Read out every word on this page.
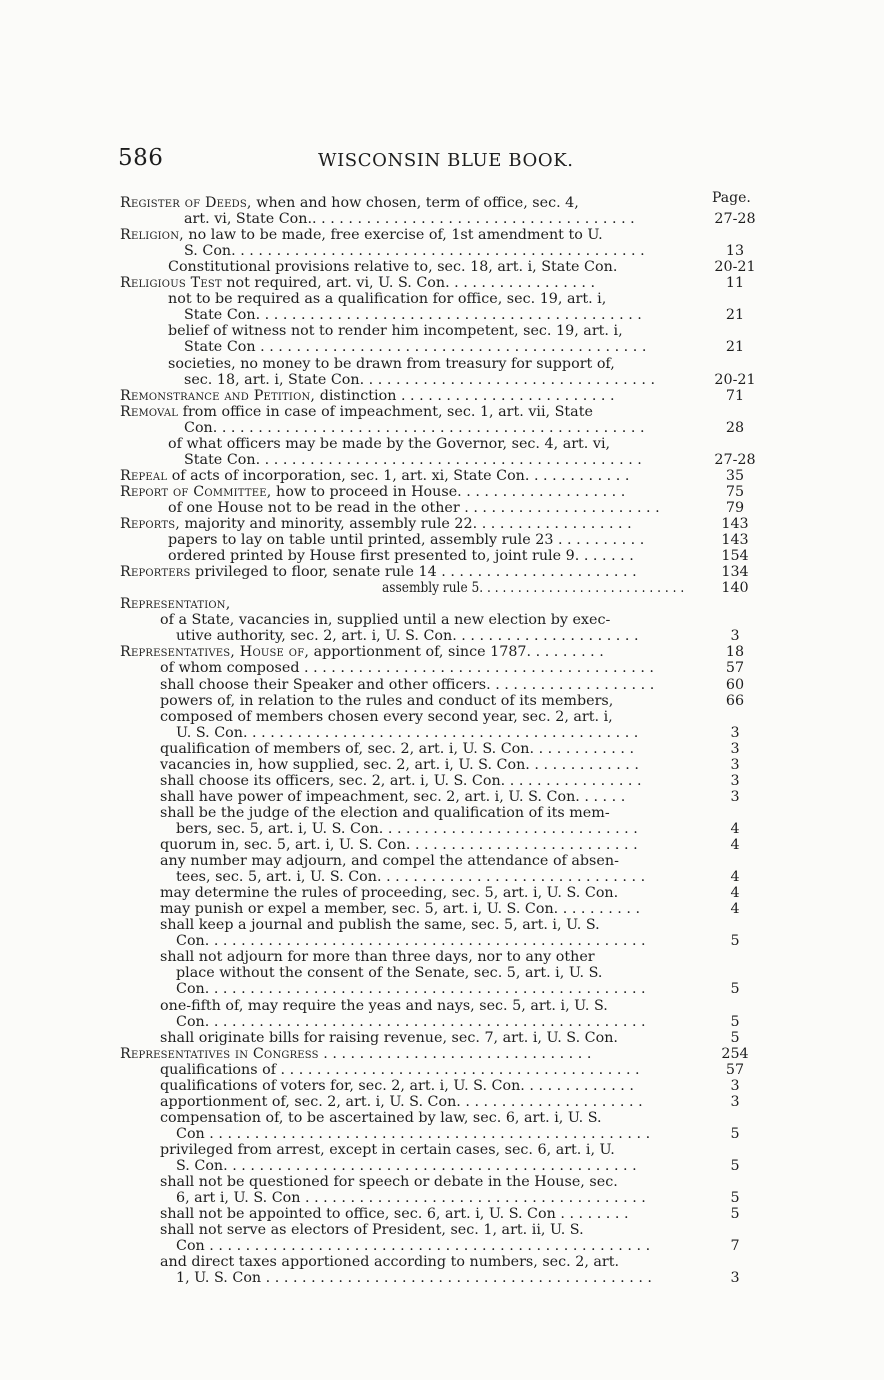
586	WISCONSIN BLUE BOOK.
Page.
Register of Deeds, when and how chosen, term of office, sec. 4,
art. vi, State Con.. . . . . . . . . . . . . . . . . . . . . . . . . . . . . . . . . . . .	27-28
Religion, no law to be made, free exercise of, 1st amendment to U.
S. Con. . . . . . . . . . . . . . . . . . . . . . . . . . . . . . . . . . . . . . . . . . . . . .	13
Constitutional provisions relative to, sec. 18, art. i, State Con.	20-21
Religious Test not required, art. vi, U. S. Con. . . . . . . . . . . . . . . . .	11
not to be required as a qualification for office, sec. 19, art. i,
State Con. . . . . . . . . . . . . . . . . . . . . . . . . . . . . . . . . . . . . . . . . . .	21
belief of witness not to render him incompetent, sec. 19, art. i,
State Con . . . . . . . . . . . . . . . . . . . . . . . . . . . . . . . . . . . . . . . . . . .	21
societies, no money to be drawn from treasury for support of,
sec. 18, art. i, State Con. . . . . . . . . . . . . . . . . . . . . . . . . . . . . . . . .	20-21
Remonstrance and Petition, distinction . . . . . . . . . . . . . . . . . . . . . . . .	71
Removal from office in case of impeachment, sec. 1, art. vii, State
Con. . . . . . . . . . . . . . . . . . . . . . . . . . . . . . . . . . . . . . . . . . . . . . . .	28
of what officers may be made by the Governor, sec. 4, art. vi,
State Con. . . . . . . . . . . . . . . . . . . . . . . . . . . . . . . . . . . . . . . . . . .	27-28
Repeal of acts of incorporation, sec. 1, art. xi, State Con. . . . . . . . . . . .	35
Report of Committee, how to proceed in House. . . . . . . . . . . . . . . . . . .	75
of one House not to be read in the other . . . . . . . . . . . . . . . . . . . . . .	79
Reports, majority and minority, assembly rule 22. . . . . . . . . . . . . . . . . .	143
papers to lay on table until printed, assembly rule 23 . . . . . . . . . .	143
ordered printed by House first presented to, joint rule 9. . . . . . .	154
Reporters privileged to floor, senate rule 14 . . . . . . . . . . . . . . . . . . . . . .	134
assembly rule 5. . . . . . . . . . . . . . . . . . . . . . . . . . .	140
Representation,
of a State, vacancies in, supplied until a new election by exec-
utive authority, sec. 2, art. i, U. S. Con. . . . . . . . . . . . . . . . . . . . .	3
Representatives, House of, apportionment of, since 1787. . . . . . . . .	18
of whom composed . . . . . . . . . . . . . . . . . . . . . . . . . . . . . . . . . . . . . . .	57
shall choose their Speaker and other officers. . . . . . . . . . . . . . . . . . .	60
powers of, in relation to the rules and conduct of its members,	66
composed of members chosen every second year, sec. 2, art. i,
U. S. Con. . . . . . . . . . . . . . . . . . . . . . . . . . . . . . . . . . . . . . . . . . . .	3
qualification of members of, sec. 2, art. i, U. S. Con. . . . . . . . . . . .	3
vacancies in, how supplied, sec. 2, art. i, U. S. Con. . . . . . . . . . . . .	3
shall choose its officers, sec. 2, art. i, U. S. Con. . . . . . . . . . . . . . . .	3
shall have power of impeachment, sec. 2, art. i, U. S. Con. . . . . .	3
shall be the judge of the election and qualification of its mem-
bers, sec. 5, art. i, U. S. Con. . . . . . . . . . . . . . . . . . . . . . . . . . . . .	4
quorum in, sec. 5, art. i, U. S. Con. . . . . . . . . . . . . . . . . . . . . . . . . .	4
any number may adjourn, and compel the attendance of absen-
tees, sec. 5, art. i, U. S. Con. . . . . . . . . . . . . . . . . . . . . . . . . . . . . .	4
may determine the rules of proceeding, sec. 5, art. i, U. S. Con.	4
may punish or expel a member, sec. 5, art. i, U. S. Con. . . . . . . . . .	4
shall keep a journal and publish the same, sec. 5, art. i, U. S.
Con. . . . . . . . . . . . . . . . . . . . . . . . . . . . . . . . . . . . . . . . . . . . . . . . .	5
shall not adjourn for more than three days, nor to any other
place without the consent of the Senate, sec. 5, art. i, U. S.
Con. . . . . . . . . . . . . . . . . . . . . . . . . . . . . . . . . . . . . . . . . . . . . . . . .	5
one-fifth of, may require the yeas and nays, sec. 5, art. i, U. S.
Con. . . . . . . . . . . . . . . . . . . . . . . . . . . . . . . . . . . . . . . . . . . . . . . . .	5
shall originate bills for raising revenue, sec. 7, art. i, U. S. Con.	5
Representatives in Congress . . . . . . . . . . . . . . . . . . . . . . . . . . . . . .	254
qualifications of . . . . . . . . . . . . . . . . . . . . . . . . . . . . . . . . . . . . . . . .	57
qualifications of voters for, sec. 2, art. i, U. S. Con. . . . . . . . . . . . .	3
apportionment of, sec. 2, art. i, U. S. Con. . . . . . . . . . . . . . . . . . . . .	3
compensation of, to be ascertained by law, sec. 6, art. i, U. S.
Con . . . . . . . . . . . . . . . . . . . . . . . . . . . . . . . . . . . . . . . . . . . . . . . . .	5
privileged from arrest, except in certain cases, sec. 6, art. i, U.
S. Con. . . . . . . . . . . . . . . . . . . . . . . . . . . . . . . . . . . . . . . . . . . . . .	5
shall not be questioned for speech or debate in the House, sec.
6, art i, U. S. Con . . . . . . . . . . . . . . . . . . . . . . . . . . . . . . . . . . . . . .	5
shall not be appointed to office, sec. 6, art. i, U. S. Con . . . . . . . .	5
shall not serve as electors of President, sec. 1, art. ii, U. S.
Con . . . . . . . . . . . . . . . . . . . . . . . . . . . . . . . . . . . . . . . . . . . . . . . . .	7
and direct taxes apportioned according to numbers, sec. 2, art.
1, U. S. Con . . . . . . . . . . . . . . . . . . . . . . . . . . . . . . . . . . . . . . . . . . .	3
